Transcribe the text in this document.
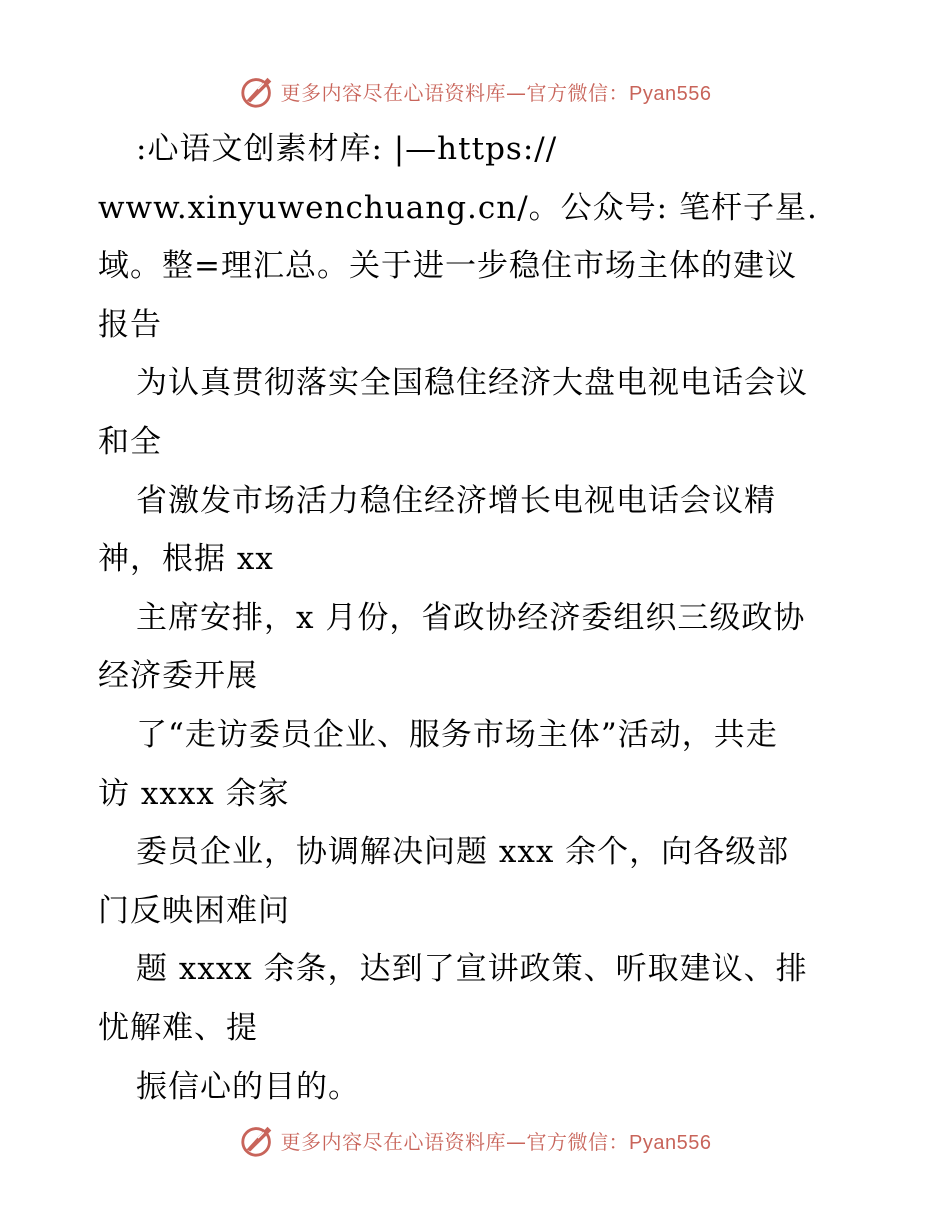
更多内容尽在心语资料库—官方微信：Pyan556
:心语文创素材库: |—https://
www.xinyuwenchuang.cn/。公众号: 笔杆子星.
域。整=理汇总。关于进一步稳住市场主体的建议
报告
为认真贯彻落实全国稳住经济大盘电视电话会议
和全
省激发市场活力稳住经济增长电视电话会议精
神，根据 xx
主席安排，x 月份，省政协经济委组织三级政协
经济委开展
了“走访委员企业、服务市场主体”活动，共走
访 xxxx 余家
委员企业，协调解决问题 xxx 余个，向各级部
门反映困难问
题 xxxx 余条，达到了宣讲政策、听取建议、排
忧解难、提
振信心的目的。
更多内容尽在心语资料库—官方微信：Pyan556
